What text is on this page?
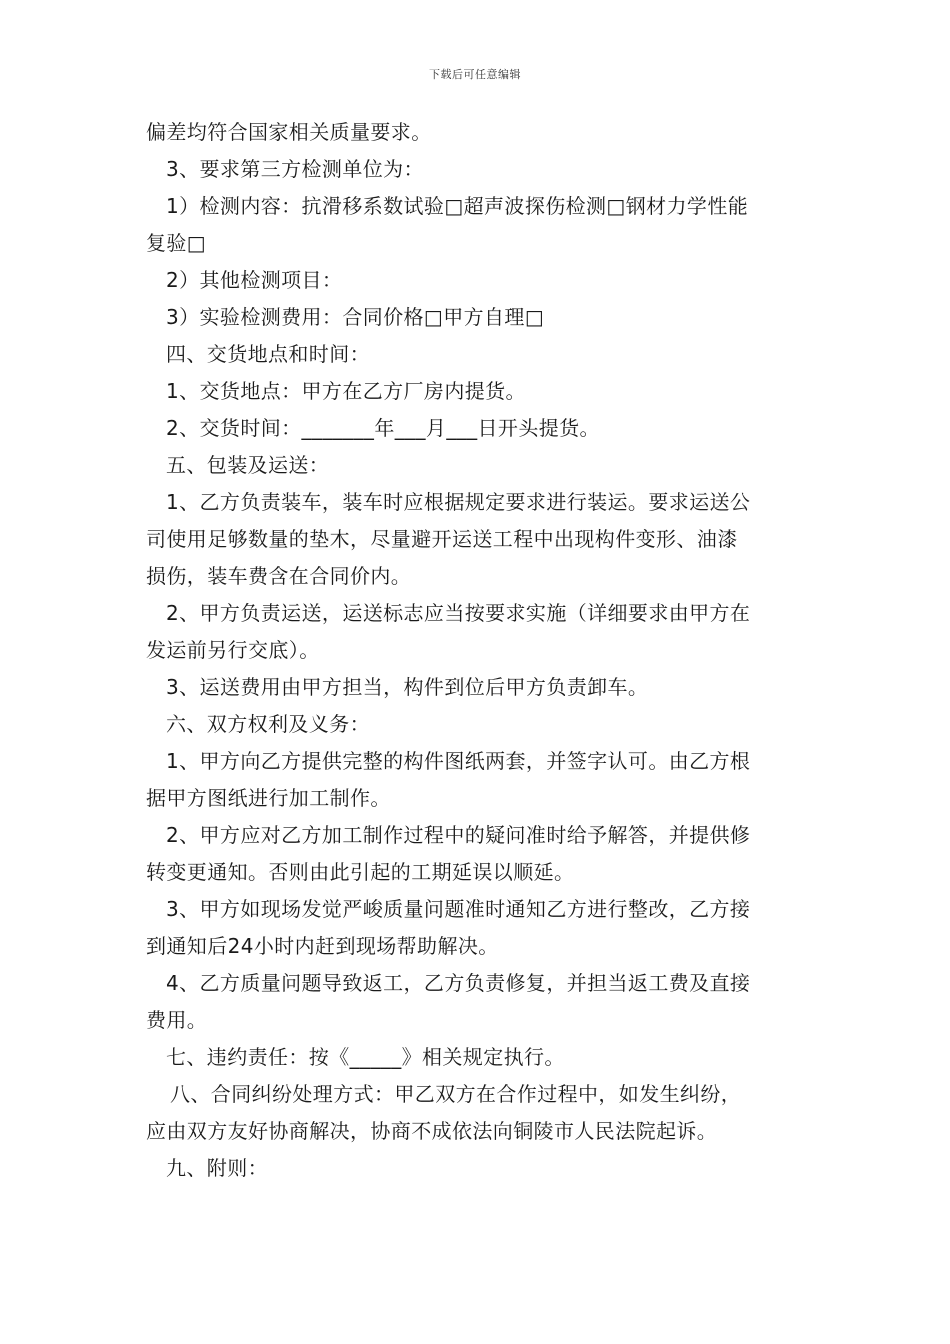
下载后可任意编辑
偏差均符合国家相关质量要求。
3、要求第三方检测单位为：
1）检测内容：抗滑移系数试验□超声波探伤检测□钢材力学性能
复验□
2）其他检测项目：
3）实验检测费用：合同价格□甲方自理□
四、交货地点和时间：
1、交货地点：甲方在乙方厂房内提货。
2、交货时间：_______年___月___日开头提货。
五、包装及运送：
1、乙方负责装车，装车时应根据规定要求进行装运。要求运送公
司使用足够数量的垫木，尽量避开运送工程中出现构件变形、油漆
损伤，装车费含在合同价内。
2、甲方负责运送，运送标志应当按要求实施（详细要求由甲方在
发运前另行交底）。
3、运送费用由甲方担当，构件到位后甲方负责卸车。
六、双方权利及义务：
1、甲方向乙方提供完整的构件图纸两套，并签字认可。由乙方根
据甲方图纸进行加工制作。
2、甲方应对乙方加工制作过程中的疑问准时给予解答，并提供修
转变更通知。否则由此引起的工期延误以顺延。
3、甲方如现场发觉严峻质量问题准时通知乙方进行整改，乙方接
到通知后24小时内赶到现场帮助解决。
4、乙方质量问题导致返工，乙方负责修复，并担当返工费及直接
费用。
七、违约责任：按《_____》相关规定执行。
八、合同纠纷处理方式：甲乙双方在合作过程中，如发生纠纷，
应由双方友好协商解决，协商不成依法向铜陵市人民法院起诉。
九、附则：
